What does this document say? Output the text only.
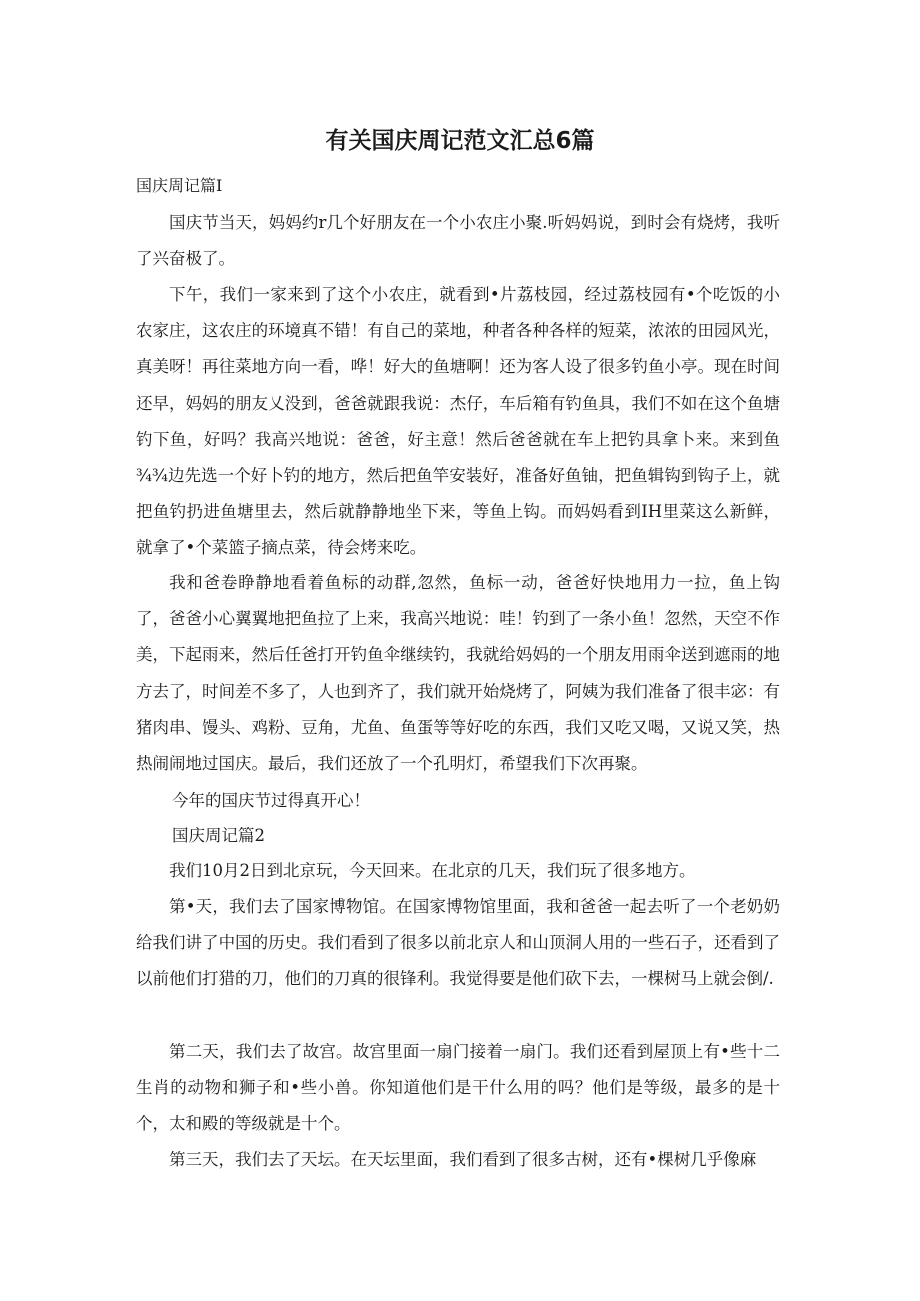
有关国庆周记范文汇总6篇

国庆周记篇I

国庆节当天，妈妈约r几个好朋友在一个小农庄小聚.听妈妈说，到时会有烧烤，我听了兴奋极了。

下午，我们一家来到了这个小农庄，就看到•片荔枝园，经过荔枝园有•个吃饭的小农家庄，这农庄的环境真不错！有自己的菜地，种者各种各样的短菜，浓浓的田园风光，真美呀！再往菜地方向一看，哗！好大的鱼塘啊！还为客人设了很多钓鱼小亭。现在时间还早，妈妈的朋友乂没到，爸爸就跟我说：杰仔，车后箱有钓鱼具，我们不如在这个鱼塘钓下鱼，好吗？我高兴地说：爸爸，好主意！然后爸爸就在车上把钓具拿卜来。来到鱼¾¾边先选一个好卜钓的地方，然后把鱼竿安装好，准备好鱼铀，把鱼辑钩到钩子上，就把鱼钓扔进鱼塘里去，然后就静静地坐下来，等鱼上钩。而妈妈看到IH里菜这么新鲜，就拿了•个菜篮子摘点菜，待会烤来吃。

我和爸卷睁静地看着鱼标的动群,忽然，鱼标一动，爸爸好快地用力一拉，鱼上钩了，爸爸小心翼翼地把鱼拉了上来，我高兴地说：哇！钓到了一条小鱼！忽然，天空不作美，下起雨来，然后任爸打开钓鱼伞继续钓，我就给妈妈的一个朋友用雨伞送到遮雨的地方去了，时间差不多了，人也到齐了，我们就开始烧烤了，阿姨为我们准备了很丰宓：有猪肉串、馒头、鸡粉、豆角，尤鱼、鱼蛋等等好吃的东西，我们又吃又喝，又说又笑，热热闹闹地过国庆。最后，我们还放了一个孔明灯，希望我们下次再聚。

今年的国庆节过得真开心！

国庆周记篇2

我们10月2日到北京玩，今天回来。在北京的几天，我们玩了很多地方。

第•天，我们去了国家博物馆。在国家博物馆里面，我和爸爸一起去听了一个老奶奶给我们讲了中国的历史。我们看到了很多以前北京人和山顶洞人用的一些石子，还看到了以前他们打猎的刀，他们的刀真的很锋利。我觉得要是他们砍下去，一棵树马上就会倒/.

第二天，我们去了故宫。故宫里面一扇门接着一扇门。我们还看到屋顶上有•些十二生肖的动物和狮子和•些小兽。你知道他们是干什么用的吗？他们是等级，最多的是十个，太和殿的等级就是十个。

第三天，我们去了天坛。在天坛里面，我们看到了很多古树，还有•棵树几乎像麻
